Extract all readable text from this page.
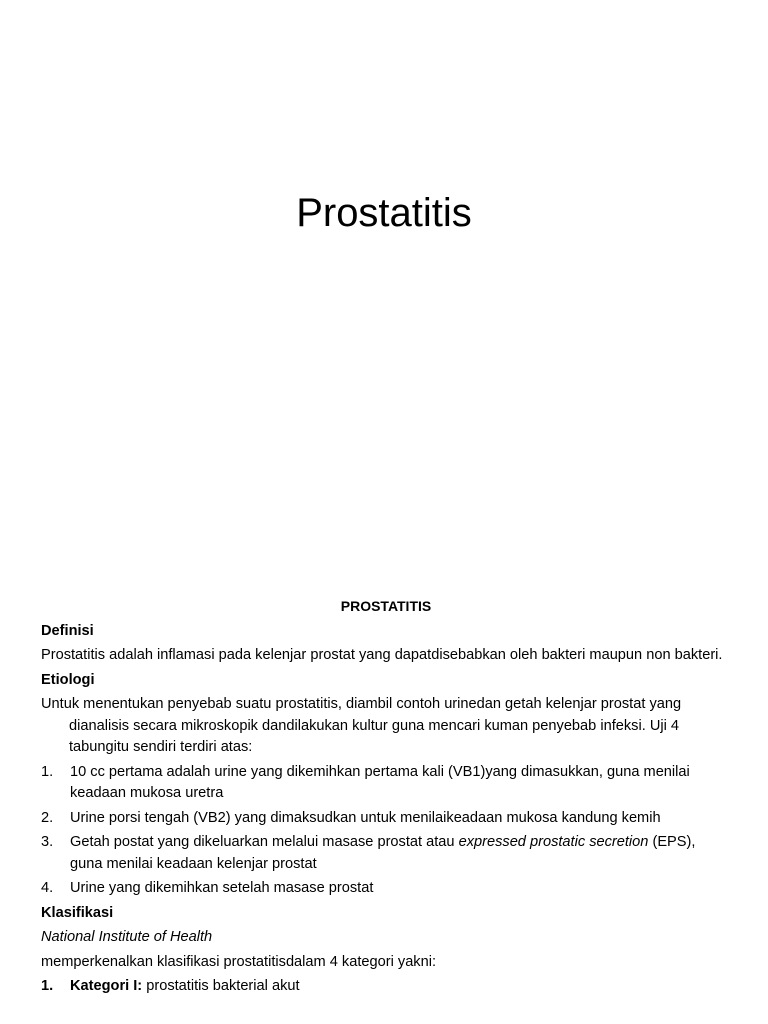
Prostatitis
PROSTATITIS
Definisi
Prostatitis adalah inflamasi pada kelenjar prostat yang dapatdisebabkan oleh bakteri maupun non bakteri.
Etiologi
Untuk menentukan penyebab suatu prostatitis, diambil contoh urinedan getah kelenjar prostat yang dianalisis secara mikroskopik dandilakukan kultur guna mencari kuman penyebab infeksi. Uji 4 tabungitu sendiri terdiri atas:
1.	10 cc pertama adalah urine yang dikemihkan pertama kali (VB1)yang dimasukkan, guna menilai keadaan mukosa uretra
2.	Urine porsi tengah (VB2) yang dimaksudkan untuk menilaikeadaan mukosa kandung kemih
3.	Getah postat yang dikeluarkan melalui masase prostat atau expressed prostatic secretion (EPS), guna menilai keadaan kelenjar prostat
4.	Urine yang dikemihkan setelah masase prostat
Klasifikasi
National Institute of Health
memperkenalkan klasifikasi prostatitisdalam 4 kategori yakni:
1.	Kategori I: prostatitis bakterial akut
